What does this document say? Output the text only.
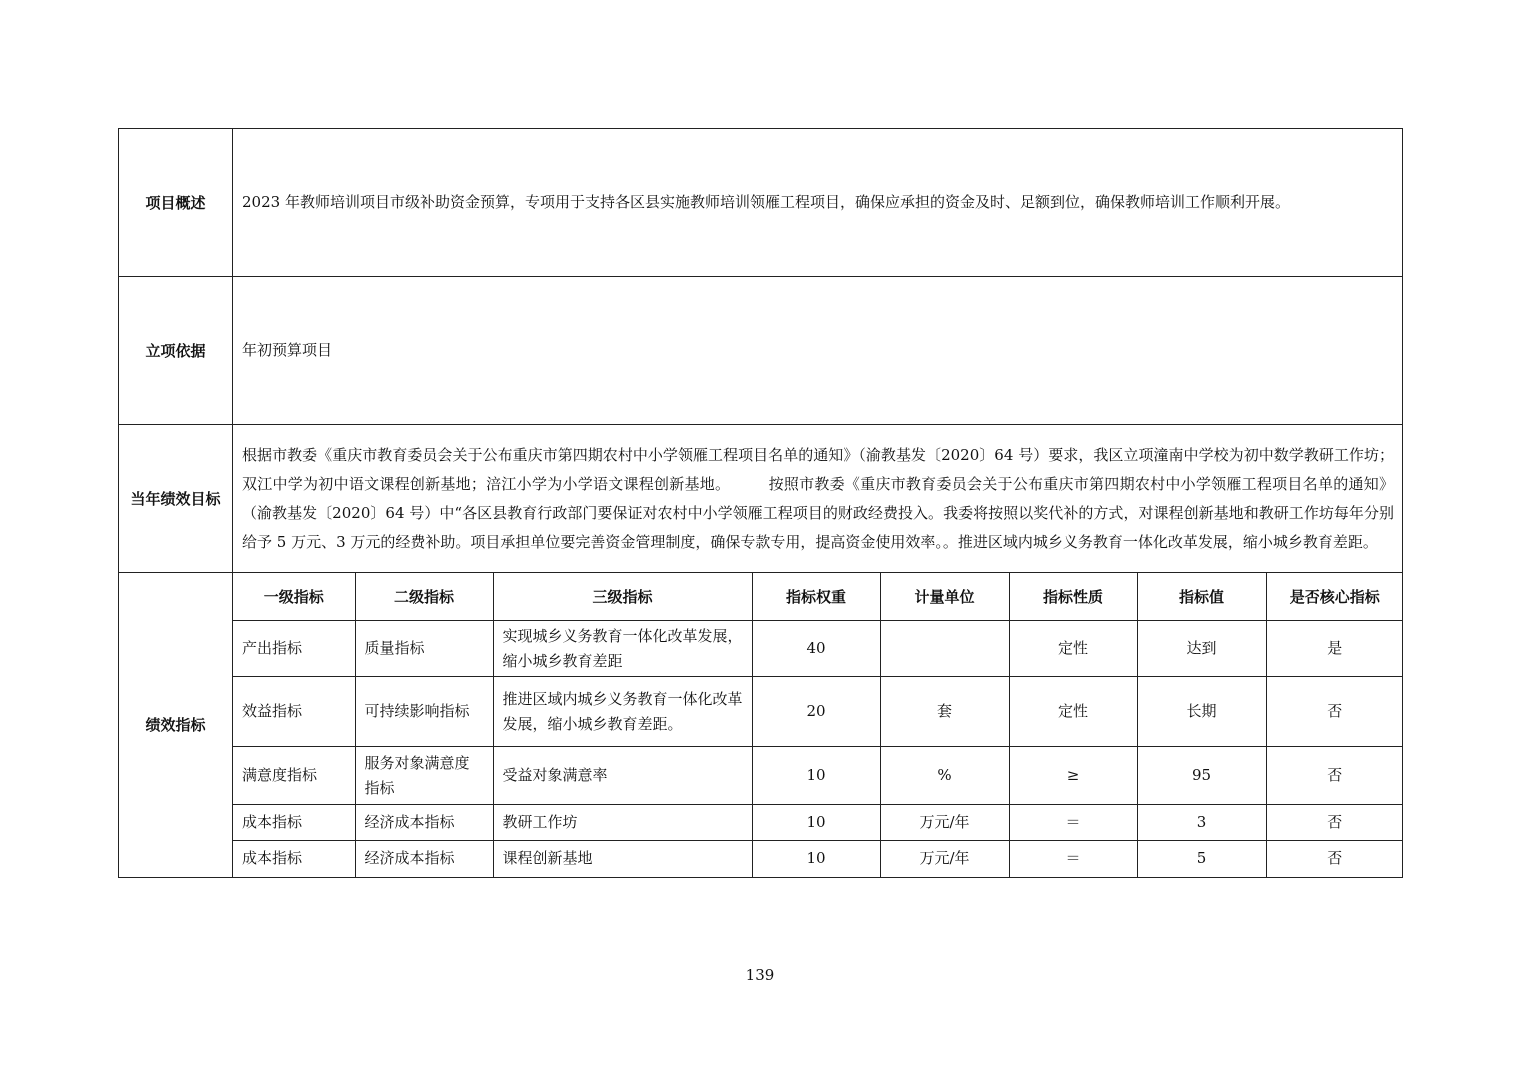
项目概述	2023 年教师培训项目市级补助资金预算，专项用于支持各区县实施教师培训领雁工程项目，确保应承担的资金及时、足额到位，确保教师培训工作顺利开展。
立项依据	年初预算项目
当年绩效目标	根据市教委《重庆市教育委员会关于公布重庆市第四期农村中小学领雁工程项目名单的通知》（渝教基发〔2020〕64 号）要求，我区立项潼南中学校为初中数学教研工作坊；双江中学为初中语文课程创新基地；涪江小学为小学语文课程创新基地。	按照市教委《重庆市教育委员会关于公布重庆市第四期农村中小学领雁工程项目名单的通知》（渝教基发〔2020〕64 号）中“各区县教育行政部门要保证对农村中小学领雁工程项目的财政经费投入。我委将按照以奖代补的方式，对课程创新基地和教研工作坊每年分别给予 5 万元、3 万元的经费补助。项目承担单位要完善资金管理制度，确保专款专用，提高资金使用效率。。推进区域内城乡义务教育一体化改革发展，缩小城乡教育差距。
绩效指标	
一级指标	二级指标	三级指标	指标权重	计量单位	指标性质	指标值	是否核心指标
产出指标	质量指标	实现城乡义务教育一体化改革发展，缩小城乡教育差距	40		定性	达到	是
效益指标	可持续影响指标	推进区域内城乡义务教育一体化改革发展，缩小城乡教育差距。	20	套	定性	长期	否
满意度指标	服务对象满意度指标	受益对象满意率	10	%	≥	95	否
成本指标	经济成本指标	教研工作坊	10	万元/年	＝	3	否
成本指标	经济成本指标	课程创新基地	10	万元/年	＝	5	否
139
